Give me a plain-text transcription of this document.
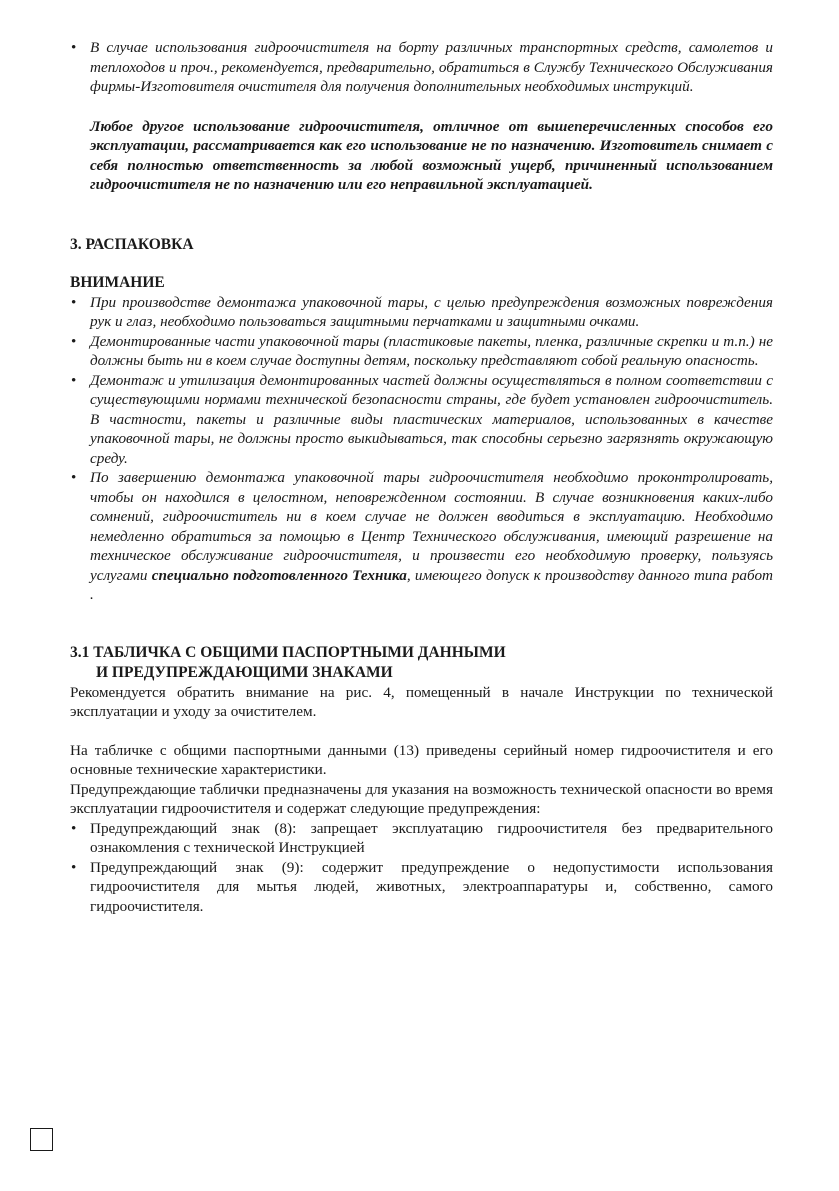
• В случае использования гидроочистителя на борту различных транспортных средств, самолетов и теплоходов и проч., рекомендуется, предварительно, обратиться в Службу Технического Обслуживания фирмы-Изготовителя очистителя для получения дополнительных необходимых инструкций.

Любое другое использование гидроочистителя, отличное от вышеперечисленных способов его эксплуатации, рассматривается как его использование не по назначению. Изготовитель снимает с себя полностью ответственность за любой возможный ущерб, причиненный использованием гидроочистителя не по назначению или его неправильной эксплуатацией.

3. РАСПАКОВКА

ВНИМАНИЕ

• При производстве демонтажа упаковочной тары, с целью предупреждения возможных повреждения рук и глаз, необходимо пользоваться защитными перчатками и защитными очками.
• Демонтированные части упаковочной тары (пластиковые пакеты, пленка, различные скрепки и т.п.) не должны быть ни в коем случае доступны детям, поскольку представляют собой реальную опасность.
• Демонтаж и утилизация демонтированных частей должны осуществляться в полном соответствии с существующими нормами технической безопасности страны, где будет установлен гидроочиститель. В частности, пакеты и различные виды пластических материалов, использованных в качестве упаковочной тары, не должны просто выкидываться, так способны серьезно загрязнять окружающую среду.
• По завершению демонтажа упаковочной тары гидроочистителя необходимо проконтролировать, чтобы он находился в целостном, неповрежденном состоянии. В случае возникновения каких-либо сомнений, гидроочиститель ни в коем случае не должен вводиться в эксплуатацию. Необходимо немедленно обратиться за помощью в Центр Технического обслуживания, имеющий разрешение на техническое обслуживание гидроочистителя, и произвести его необходимую проверку, пользуясь услугами специально подготовленного Техника, имеющего допуск к производству данного типа работ .

3.1 ТАБЛИЧКА С ОБЩИМИ ПАСПОРТНЫМИ ДАННЫМИ

И ПРЕДУПРЕЖДАЮЩИМИ ЗНАКАМИ

Рекомендуется обратить внимание на рис. 4, помещенный в начале Инструкции по технической эксплуатации и уходу за очистителем.

На табличке с общими паспортными данными (13) приведены серийный номер гидроочистителя и его основные технические характеристики.

Предупреждающие таблички предназначены для указания на возможность технической опасности во время эксплуатации гидроочистителя и содержат следующие предупреждения:

• Предупреждающий знак (8): запрещает эксплуатацию гидроочистителя без предварительного ознакомления с технической Инструкцией
• Предупреждающий знак (9): содержит предупреждение о недопустимости использования гидроочистителя для мытья людей, животных, электроаппаратуры и, собственно, самого гидроочистителя.
